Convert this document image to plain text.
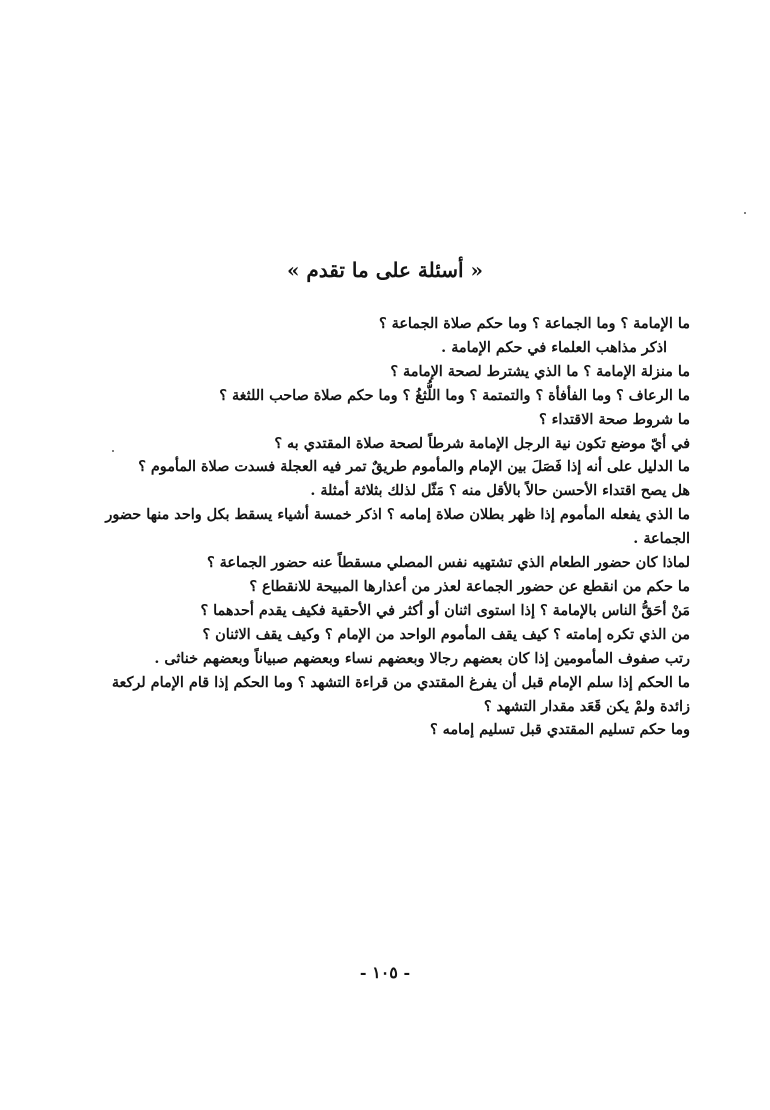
« أسئلة على ما تقدم »

ما الإمامة ؟ وما الجماعة ؟ وما حكم صلاة الجماعة ؟

اذكر مذاهب العلماء في حكم الإمامة .

ما منزلة الإمامة ؟ ما الذي يشترط لصحة الإمامة ؟

ما الرعاف ؟ وما الفأفأة ؟ والتمتمة ؟ وما اللُّثغُ ؟ وما حكم صلاة صاحب اللثغة ؟

ما شروط صحة الاقتداء ؟

في أيّ موضع تكون نية الرجل الإمامة شرطاً لصحة صلاة المقتدي به ؟

ما الدليل على أنه إذا فَصَلَ بين الإمام والمأموم طريقٌ تمر فيه العجلة فسدت صلاة المأموم ؟

هل يصح اقتداء الأحسن حالاً بالأقل منه ؟ مَثّل لذلك بثلاثة أمثلة .

ما الذي يفعله المأموم إذا ظهر بطلان صلاة إمامه ؟ اذكر خمسة أشياء يسقط بكل واحد منها حضور الجماعة .

لماذا كان حضور الطعام الذي تشتهيه نفس المصلي مسقطاً عنه حضور الجماعة ؟

ما حكم من انقطع عن حضور الجماعة لعذر من أعذارها المبيحة للانقطاع ؟

مَنْ أحَقُّ الناس بالإمامة ؟ إذا استوى اثنان أو أكثر في الأحقية فكيف يقدم أحدهما ؟

من الذي تكره إمامته ؟ كيف يقف المأموم الواحد من الإمام ؟ وكيف يقف الاثنان ؟

رتب صفوف المأمومين إذا كان بعضهم رجالا وبعضهم نساء وبعضهم صبياناً وبعضهم خناثى .

ما الحكم إذا سلم الإمام قبل أن يفرغ المقتدي من قراءة التشهد ؟ وما الحكم إذا قام الإمام لركعة زائدة ولمْ يكن قَعَد مقدار التشهد ؟

وما حكم تسليم المقتدي قبل تسليم إمامه ؟

- ١٠٥ -
